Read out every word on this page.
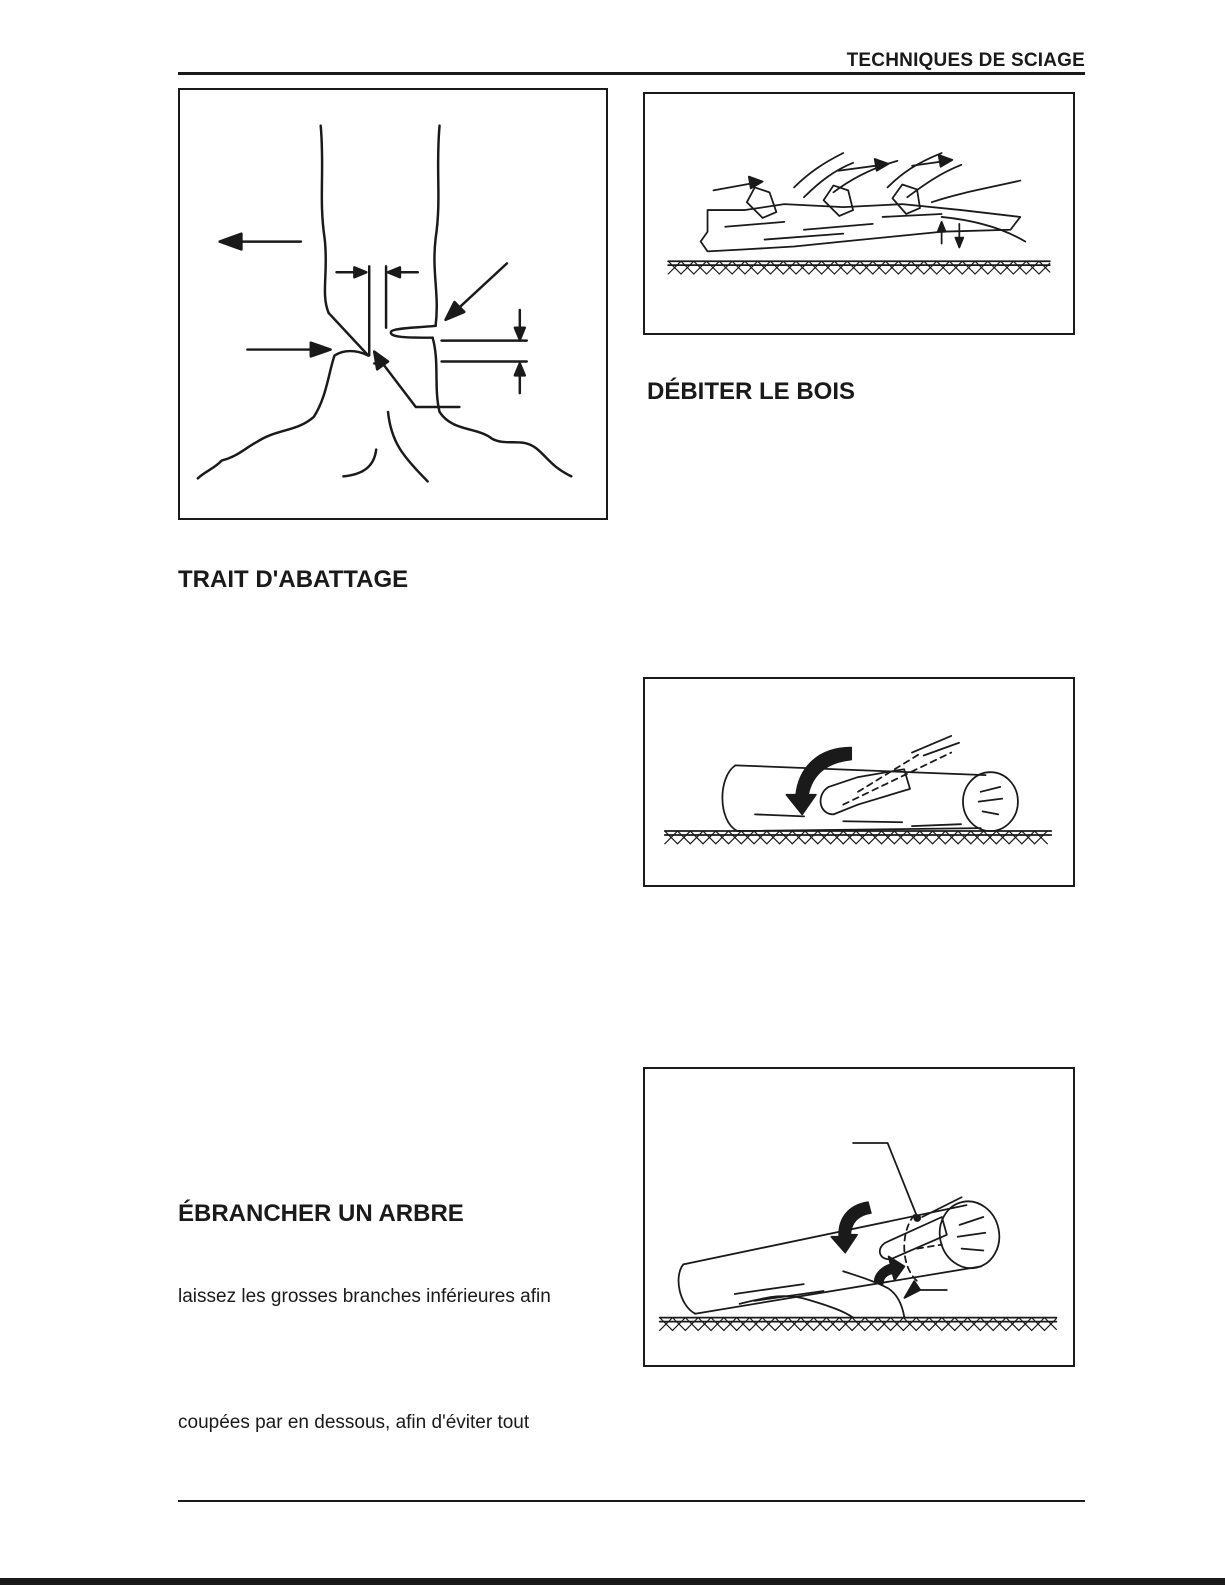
TECHNIQUES DE SCIAGE
DÉBITER LE BOIS
TRAIT D'ABATTAGE
ÉBRANCHER UN ARBRE
laissez les grosses branches inférieures afin
coupées par en dessous, afin d'éviter tout
